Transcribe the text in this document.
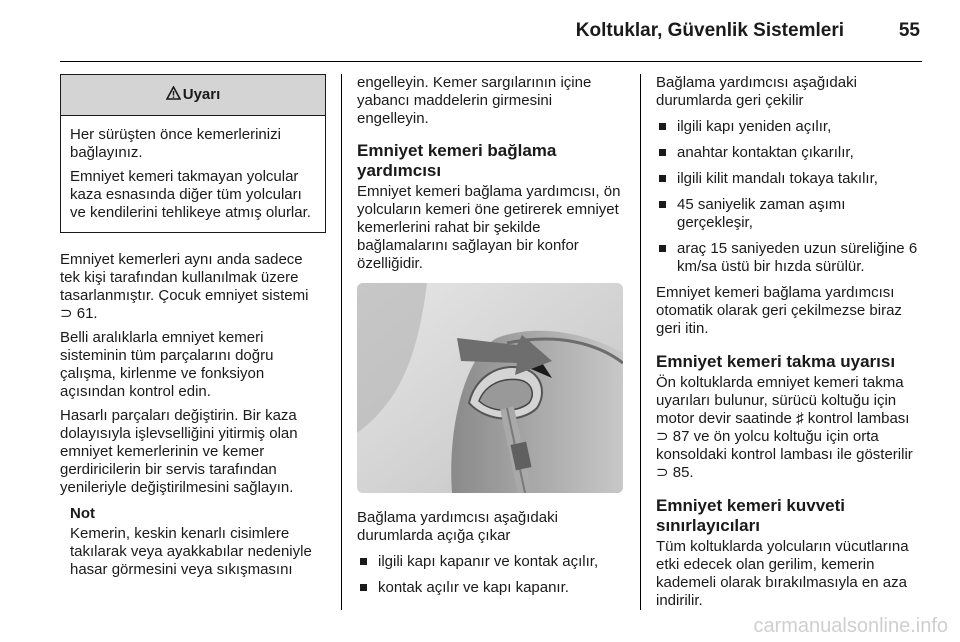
Koltuklar, Güvenlik Sistemleri	55
Uyarı

Her sürüşten önce kemerlerinizi bağlayınız.

Emniyet kemeri takmayan yolcular kaza esnasında diğer tüm yolcuları ve kendilerini tehlikeye atmış olurlar.

Emniyet kemerleri aynı anda sadece tek kişi tarafından kullanılmak üzere tasarlanmıştır. Çocuk emniyet sistemi
⊃ 61.

Belli aralıklarla emniyet kemeri sisteminin tüm parçalarını doğru çalışma, kirlenme ve fonksiyon açısından kontrol edin.

Hasarlı parçaları değiştirin. Bir kaza dolayısıyla işlevselliğini yitirmiş olan emniyet kemerlerinin ve kemer gerdiricilerin bir servis tarafından yenileriyle değiştirilmesini sağlayın.

Not
Kemerin, keskin kenarlı cisimlere takılarak veya ayakkabılar nedeniyle hasar görmesini veya sıkışmasını

engelleyin. Kemer sargılarının içine yabancı maddelerin girmesini engelleyin.

Emniyet kemeri bağlama yardımcısı

Emniyet kemeri bağlama yardımcısı, ön yolcuların kemeri öne getirerek emniyet kemerlerini rahat bir şekilde bağlamalarını sağlayan bir konfor özelliğidir.

Bağlama yardımcısı aşağıdaki durumlarda açığa çıkar

ilgili kapı kapanır ve kontak açılır,
kontak açılır ve kapı kapanır.

Bağlama yardımcısı aşağıdaki durumlarda geri çekilir

ilgili kapı yeniden açılır,
anahtar kontaktan çıkarılır,
ilgili kilit mandalı tokaya takılır,
45 saniyelik zaman aşımı gerçekleşir,
araç 15 saniyeden uzun süreliğine 6 km/sa üstü bir hızda sürülür.

Emniyet kemeri bağlama yardımcısı otomatik olarak geri çekilmezse biraz geri itin.

Emniyet kemeri takma uyarısı

Ön koltuklarda emniyet kemeri takma uyarıları bulunur, sürücü koltuğu için motor devir saatinde ♯ kontrol lambası ⊃ 87 ve ön yolcu koltuğu için orta konsoldaki kontrol lambası ile gösterilir ⊃ 85.

Emniyet kemeri kuvveti sınırlayıcıları

Tüm koltuklarda yolcuların vücutlarına etki edecek olan gerilim, kemerin kademeli olarak bırakılmasıyla en aza indirilir.

carmanualsonline.info
